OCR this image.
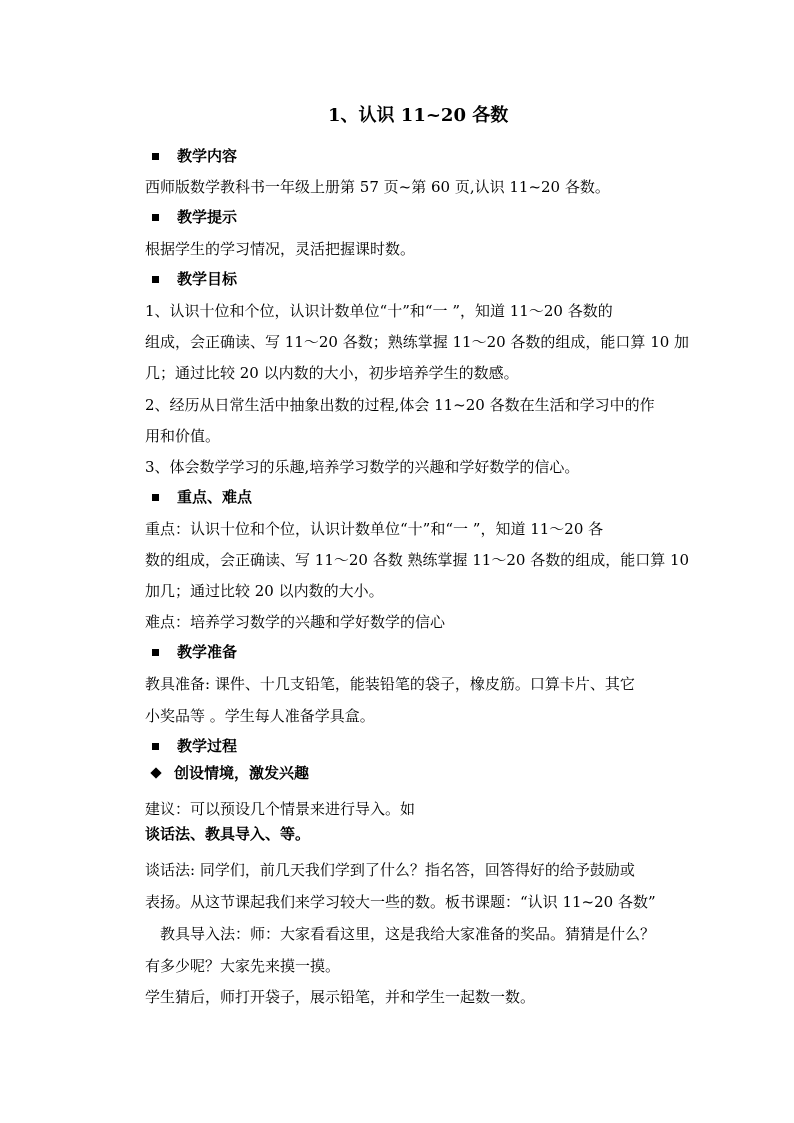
1、认识 11~20 各数
教学内容
西师版数学教科书一年级上册第 57 页~第 60 页,认识 11~20 各数。
教学提示
根据学生的学习情况，灵活把握课时数。
教学目标
1、认识十位和个位，认识计数单位“十”和“一 ”，知道 11～20 各数的
组成，会正确读、写 11～20 各数；熟练掌握 11～20 各数的组成，能口算 10 加
几；通过比较 20 以内数的大小，初步培养学生的数感。
2、经历从日常生活中抽象出数的过程,体会 11~20 各数在生活和学习中的作
用和价值。
3、体会数学学习的乐趣,培养学习数学的兴趣和学好数学的信心。
重点、难点
重点：认识十位和个位，认识计数单位“十”和“一 ”，知道 11～20 各
数的组成，会正确读、写 11～20 各数 熟练掌握 11～20 各数的组成，能口算 10
加几；通过比较 20 以内数的大小。
难点：培养学习数学的兴趣和学好数学的信心
教学准备
教具准备: 课件、十几支铅笔，能装铅笔的袋子，橡皮筋。口算卡片、其它
小奖品等 。学生每人准备学具盒。
教学过程
创设情境，激发兴趣
建议：可以预设几个情景来进行导入。如
谈话法、教具导入、等。
谈话法: 同学们，前几天我们学到了什么？指名答，回答得好的给予鼓励或
表扬。从这节课起我们来学习较大一些的数。板书课题：“认识 11~20 各数”
教具导入法：师：大家看看这里，这是我给大家准备的奖品。猜猜是什么？
有多少呢？大家先来摸一摸。
学生猜后，师打开袋子，展示铅笔，并和学生一起数一数。
